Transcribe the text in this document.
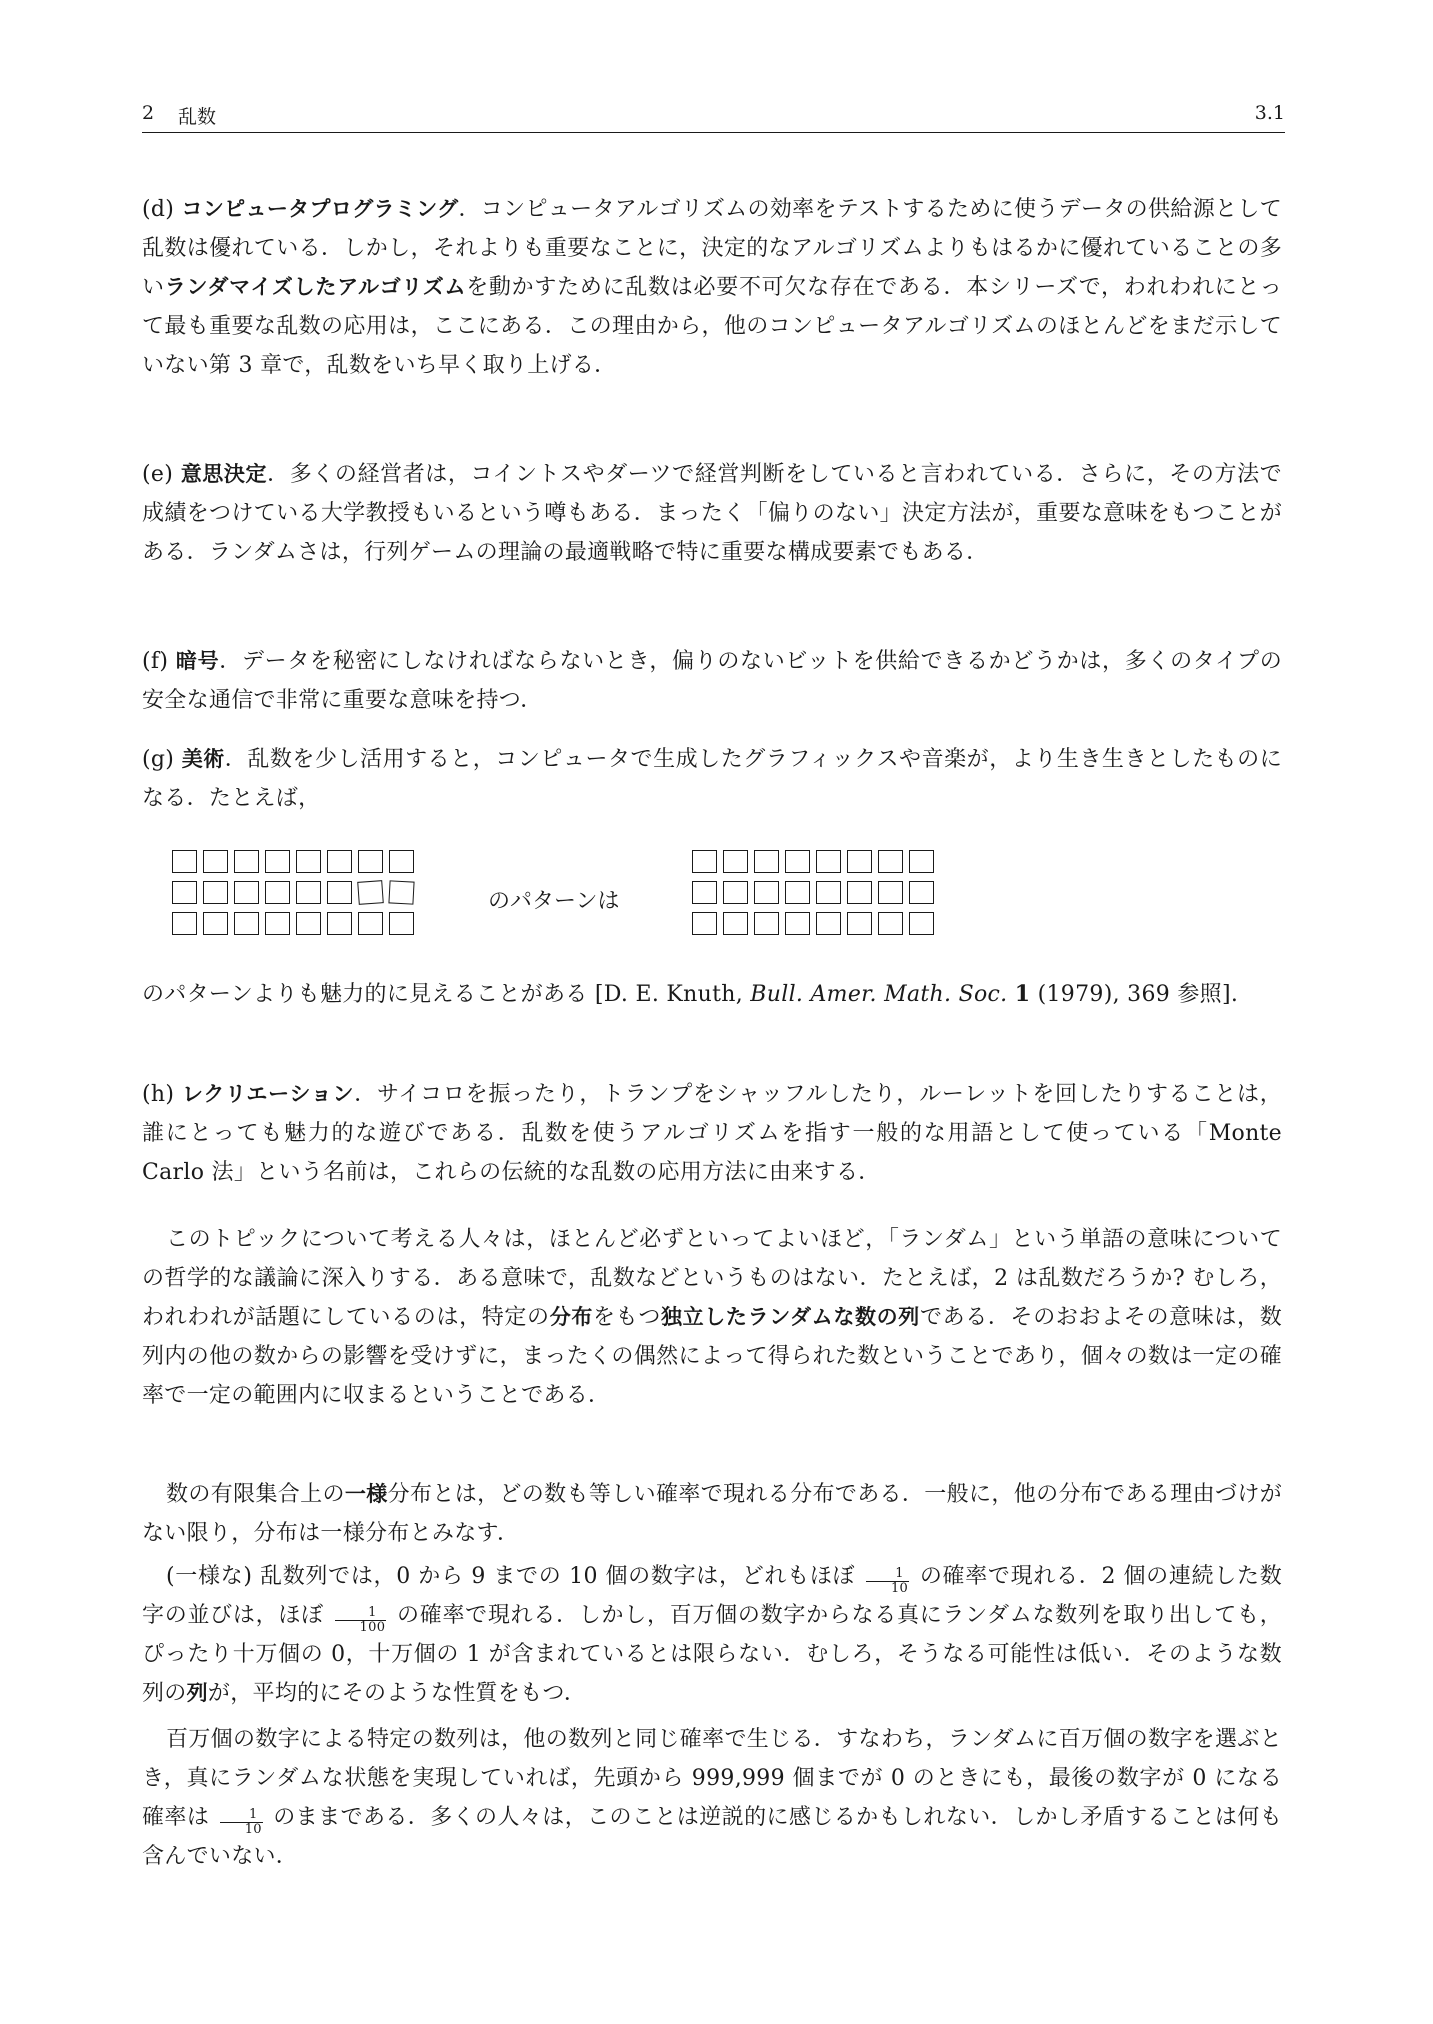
2 乱数	3.1
(d) コンピュータプログラミング．コンピュータアルゴリズムの効率をテストするために使うデータの供給源として乱数は優れている．しかし，それよりも重要なことに，決定的なアルゴリズムよりもはるかに優れていることの多いランダマイズしたアルゴリズムを動かすために乱数は必要不可欠な存在である．本シリーズで，われわれにとって最も重要な乱数の応用は，ここにある．この理由から，他のコンピュータアルゴリズムのほとんどをまだ示していない第 3 章で，乱数をいち早く取り上げる．
(e) 意思決定．多くの経営者は，コイントスやダーツで経営判断をしていると言われている．さらに，その方法で成績をつけている大学教授もいるという噂もある．まったく「偏りのない」決定方法が，重要な意味をもつことがある．ランダムさは，行列ゲームの理論の最適戦略で特に重要な構成要素でもある．
(f) 暗号．データを秘密にしなければならないとき，偏りのないビットを供給できるかどうかは，多くのタイプの安全な通信で非常に重要な意味を持つ．
(g) 美術．乱数を少し活用すると，コンピュータで生成したグラフィックスや音楽が，より生き生きとしたものになる．たとえば，
のパターンは
のパターンよりも魅力的に見えることがある [D. E. Knuth, Bull. Amer. Math. Soc. 1 (1979), 369 参照].
(h) レクリエーション．サイコロを振ったり，トランプをシャッフルしたり，ルーレットを回したりすることは，誰にとっても魅力的な遊びである．乱数を使うアルゴリズムを指す一般的な用語として使っている「Monte Carlo 法」という名前は，これらの伝統的な乱数の応用方法に由来する．
このトピックについて考える人々は，ほとんど必ずといってよいほど，「ランダム」という単語の意味についての哲学的な議論に深入りする．ある意味で，乱数などというものはない．たとえば，2 は乱数だろうか? むしろ，われわれが話題にしているのは，特定の分布をもつ独立したランダムな数の列である．そのおおよその意味は，数列内の他の数からの影響を受けずに，まったくの偶然によって得られた数ということであり，個々の数は一定の確率で一定の範囲内に収まるということである．
数の有限集合上の一様分布とは，どの数も等しい確率で現れる分布である．一般に，他の分布である理由づけがない限り，分布は一様分布とみなす．
(一様な) 乱数列では，0 から 9 までの 10 個の数字は，どれもほぼ $\frac{1}{10}$ の確率で現れる．2 個の連続した数字の並びは，ほぼ $\frac{1}{100}$ の確率で現れる．しかし，百万個の数字からなる真にランダムな数列を取り出しても，ぴったり十万個の 0，十万個の 1 が含まれているとは限らない．むしろ，そうなる可能性は低い．そのような数列の列が，平均的にそのような性質をもつ．
百万個の数字による特定の数列は，他の数列と同じ確率で生じる．すなわち，ランダムに百万個の数字を選ぶとき，真にランダムな状態を実現していれば，先頭から 999,999 個までが 0 のときにも，最後の数字が 0 になる確率は $\frac{1}{10}$ のままである．多くの人々は，このことは逆説的に感じるかもしれない．しかし矛盾することは何も含んでいない．
